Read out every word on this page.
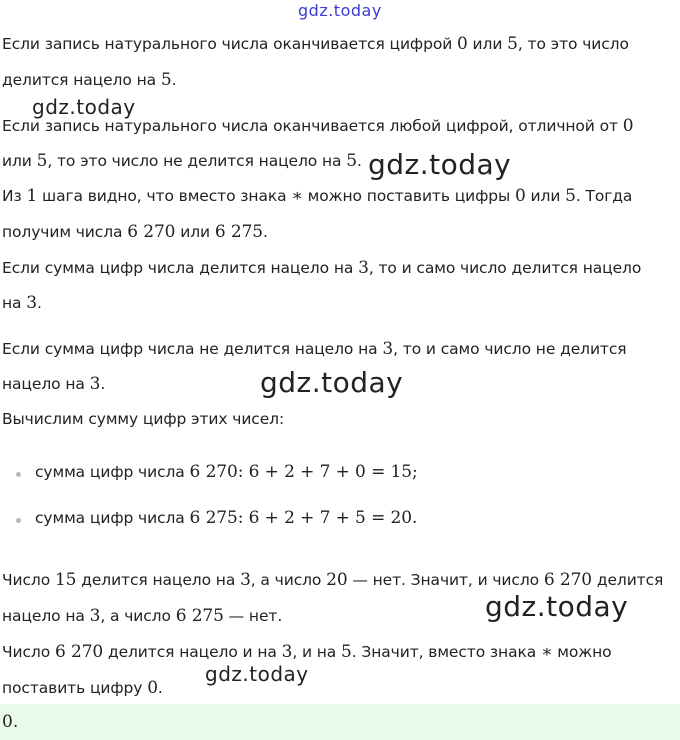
gdz.today
Если запись натурального числа оканчивается цифрой 0 или 5, то это число
делится нацело на 5.
gdz.today
Если запись натурального числа оканчивается любой цифрой, отличной от 0
или 5, то это число не делится нацело на 5. gdz.today
Из 1 шага видно, что вместо знака ∗ можно поставить цифры 0 или 5. Тогда
получим числа 6 270 или 6 275.
Если сумма цифр числа делится нацело на 3, то и само число делится нацело
на 3.
Если сумма цифр числа не делится нацело на 3, то и само число не делится
нацело на 3.	gdz.today
Вычислим сумму цифр этих чисел:
сумма цифр числа 6 270: 6 + 2 + 7 + 0 = 15;
сумма цифр числа 6 275: 6 + 2 + 7 + 5 = 20.
Число 15 делится нацело на 3, а число 20 — нет. Значит, и число 6 270 делится
нацело на 3, а число 6 275 — нет.	gdz.today
Число 6 270 делится нацело и на 3, и на 5. Значит, вместо знака ∗ можно
gdz.today
поставить цифру 0.
0.
